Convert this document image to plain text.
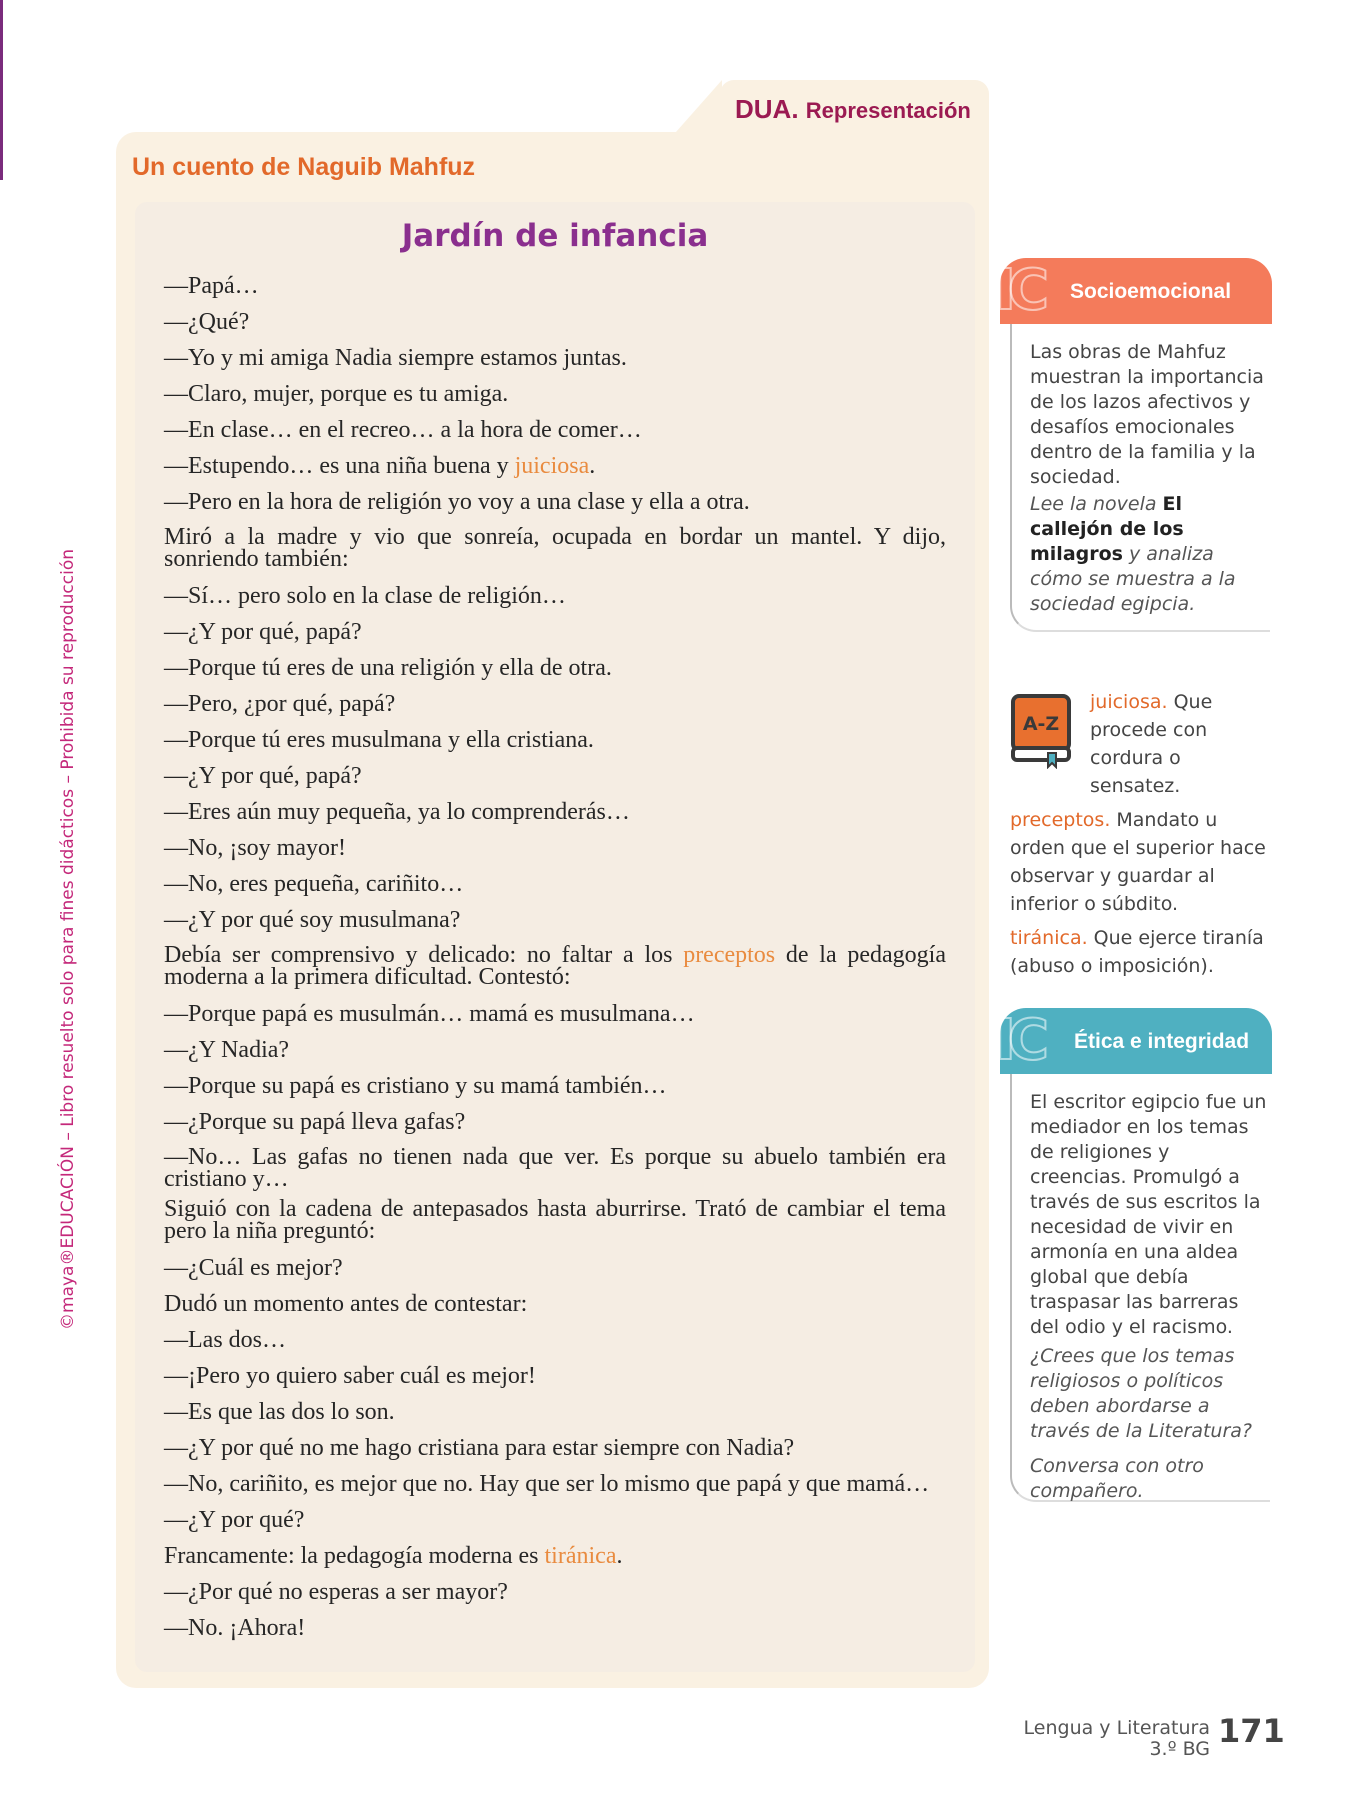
©maya®EDUCACIÓN – Libro resuelto solo para fines didácticos – Prohibida su reproducción
DUA. Representación
Un cuento de Naguib Mahfuz
Jardín de infancia

—Papá…

—¿Qué?

—Yo y mi amiga Nadia siempre estamos juntas.

—Claro, mujer, porque es tu amiga.

—En clase… en el recreo… a la hora de comer…

—Estupendo… es una niña buena y juiciosa.

—Pero en la hora de religión yo voy a una clase y ella a otra.

Miró a la madre y vio que sonreía, ocupada en bordar un mantel. Y dijo, sonriendo también:

—Sí… pero solo en la clase de religión…

—¿Y por qué, papá?

—Porque tú eres de una religión y ella de otra.

—Pero, ¿por qué, papá?

—Porque tú eres musulmana y ella cristiana.

—¿Y por qué, papá?

—Eres aún muy pequeña, ya lo comprenderás…

—No, ¡soy mayor!

—No, eres pequeña, cariñito…

—¿Y por qué soy musulmana?

Debía ser comprensivo y delicado: no faltar a los preceptos de la pedagogía moderna a la primera dificultad. Contestó:

—Porque papá es musulmán… mamá es musulmana…

—¿Y Nadia?

—Porque su papá es cristiano y su mamá también…

—¿Porque su papá lleva gafas?

—No… Las gafas no tienen nada que ver. Es porque su abuelo también era cristiano y…

Siguió con la cadena de antepasados hasta aburrirse. Trató de cambiar el tema pero la niña preguntó:

—¿Cuál es mejor?

Dudó un momento antes de contestar:

—Las dos…

—¡Pero yo quiero saber cuál es mejor!

—Es que las dos lo son.

—¿Y por qué no me hago cristiana para estar siempre con Nadia?

—No, cariñito, es mejor que no. Hay que ser lo mismo que papá y que mamá…

—¿Y por qué?

Francamente: la pedagogía moderna es tiránica.

—¿Por qué no esperas a ser mayor?

—No. ¡Ahora!

IC Socioemocional

Las obras de Mahfuz muestran la importancia de los lazos afectivos y desafíos emocionales dentro de la familia y la sociedad.

Lee la novela El callejón de los milagros y analiza cómo se muestra a la sociedad egipcia.

A-Z

juiciosa. Que procede con cordura o sensatez.

preceptos. Mandato u orden que el superior hace observar y guardar al inferior o súbdito.

tiránica. Que ejerce tiranía (abuso o imposición).

IC Ética e integridad

El escritor egipcio fue un mediador en los temas de religiones y creencias. Promulgó a través de sus escritos la necesidad de vivir en armonía en una aldea global que debía traspasar las barreras del odio y el racismo.

¿Crees que los temas religiosos o políticos deben abordarse a través de la Literatura?

Conversa con otro compañero.

Lengua y Literatura
3.º BG 171
